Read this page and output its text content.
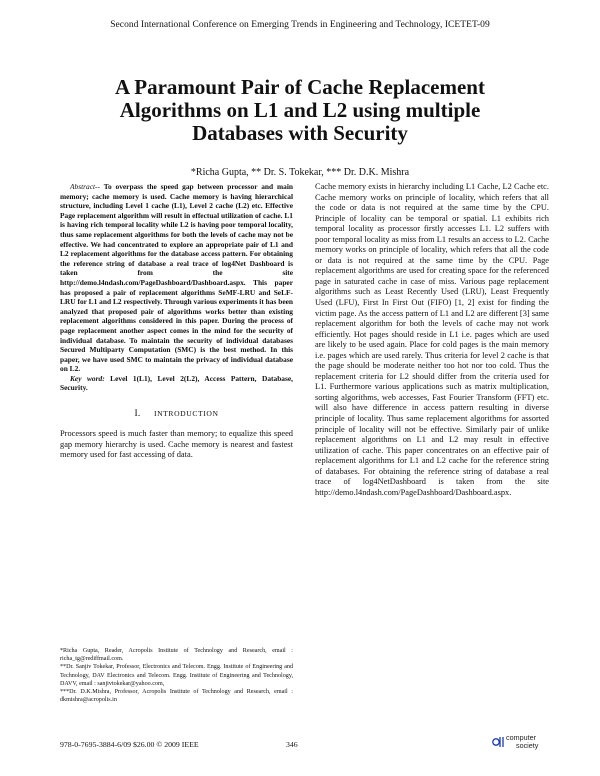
Second International Conference on Emerging Trends in Engineering and Technology, ICETET-09
A Paramount Pair of Cache Replacement
Algorithms on L1 and L2 using multiple
Databases with Security
*Richa Gupta, ** Dr. S. Tokekar, *** Dr. D.K. Mishra

Abstract-- To overpass the speed gap between processor and main memory; cache memory is used. Cache memory is having hierarchical structure, including Level 1 cache (L1), Level 2 cache (L2) etc. Effective Page replacement algorithm will result in effectual utilization of cache. L1 is having rich temporal locality while L2 is having poor temporal locality, thus same replacement algorithms for both the levels of cache may not be effective. We had concentrated to explore an appropriate pair of L1 and L2 replacement algorithms for the database access pattern. For obtaining the reference string of database a real trace of log4Net Dashboard is taken from the site http://demo.l4ndash.com/PageDashboard/Dashboard.aspx. This paper has proposed a pair of replacement algorithms SeMF-LRU and SeLF-LRU for L1 and L2 respectively. Through various experiments it has been analyzed that proposed pair of algorithms works better than existing replacement algorithms considered in this paper. During the process of page replacement another aspect comes in the mind for the security of individual database. To maintain the security of individual databases Secured Multiparty Computation (SMC) is the best method. In this paper, we have used SMC to maintain the privacy of individual database on L2.

Key word: Level 1(L1), Level 2(L2), Access Pattern, Database, Security.

I. INTRODUCTION

Processors speed is much faster than memory; to equalize this speed gap memory hierarchy is used. Cache memory is nearest and fastest memory used for fast accessing of data.

*Richa Gupta, Reader, Acropolis Institute of Technology and Research, email : richa_tg@rediffmail.com.

**Dr. Sanjiv Tokekar, Professor, Electronics and Telecom. Engg. Institute of Engineering and Technology, DAV Electronics and Telecom. Engg. Institute of Engineering and Technology, DAVV, email : sanjivtokekar@yahoo.com,

***Dr. D.K.Mishra, Professor, Acropolis Institute of Technology and Research, email : dkmishra@acropolis.in

Cache memory exists in hierarchy including L1 Cache, L2 Cache etc. Cache memory works on principle of locality, which refers that all the code or data is not required at the same time by the CPU. Principle of locality can be temporal or spatial. L1 exhibits rich temporal locality as processor firstly accesses L1. L2 suffers with poor temporal locality as miss from L1 results an access to L2. Cache memory works on principle of locality, which refers that all the code or data is not required at the same time by the CPU. Page replacement algorithms are used for creating space for the referenced page in saturated cache in case of miss. Various page replacement algorithms such as Least Recently Used (LRU), Least Frequently Used (LFU), First In First Out (FIFO) [1, 2] exist for finding the victim page. As the access pattern of L1 and L2 are different [3] same replacement algorithm for both the levels of cache may not work efficiently. Hot pages should reside in L1 i.e. pages which are used are likely to be used again. Place for cold pages is the main memory i.e. pages which are used rarely. Thus criteria for level 2 cache is that the page should be moderate neither too hot nor too cold. Thus the replacement criteria for L2 should differ from the criteria used for L1. Furthermore various applications such as matrix multiplication, sorting algorithms, web accesses, Fast Fourier Transform (FFT) etc. will also have difference in access pattern resulting in diverse principle of locality. Thus same replacement algorithms for assorted principle of locality will not be effective. Similarly pair of unlike replacement algorithms on L1 and L2 may result in effective utilization of cache. This paper concentrates on an effective pair of replacement algorithms for L1 and L2 cache for the reference string of databases. For obtaining the reference string of database a real trace of log4NetDashboard is taken from the site http://demo.l4ndash.com/PageDashboard/Dashboard.aspx.

978-0-7695-3884-6/09 $26.00 © 2009 IEEE	346
computer
society
